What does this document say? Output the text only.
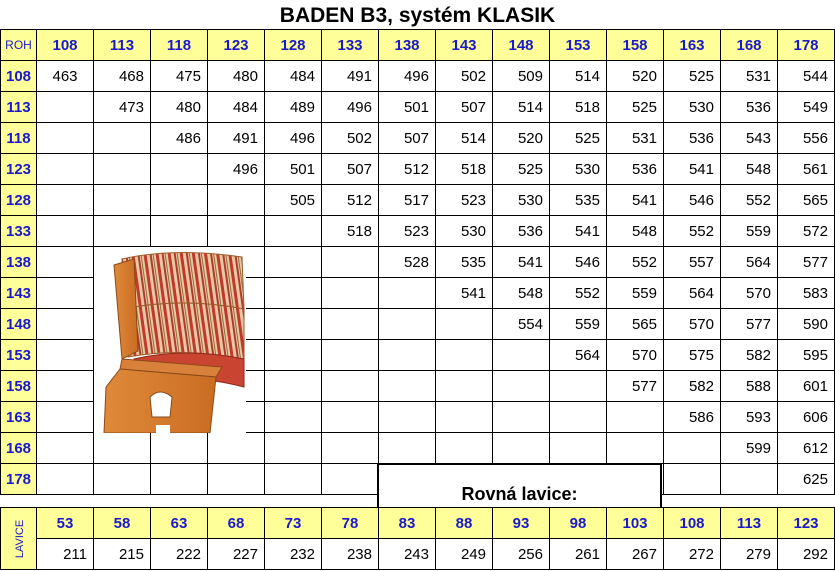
BADEN B3, systém KLASIK
ROH	108	113	118	123	128	133	138	143	148	153	158	163	168	178
108	463	468	475	480	484	491	496	502	509	514	520	525	531	544
113		473	480	484	489	496	501	507	514	518	525	530	536	549
118			486	491	496	502	507	514	520	525	531	536	543	556
123				496	501	507	512	518	525	530	536	541	548	561
128					505	512	517	523	530	535	541	546	552	565
133						518	523	530	536	541	548	552	559	572
138							528	535	541	546	552	557	564	577
143								541	548	552	559	564	570	583
148									554	559	565	570	577	590
153										564	570	575	582	595
158											577	582	588	601
163												586	593	606
168													599	612
178														625
Rovná lavice:
LAVICE	53	58	63	68	73	78	83	88	93	98	103	108	113	123
	211	215	222	227	232	238	243	249	256	261	267	272	279	292
